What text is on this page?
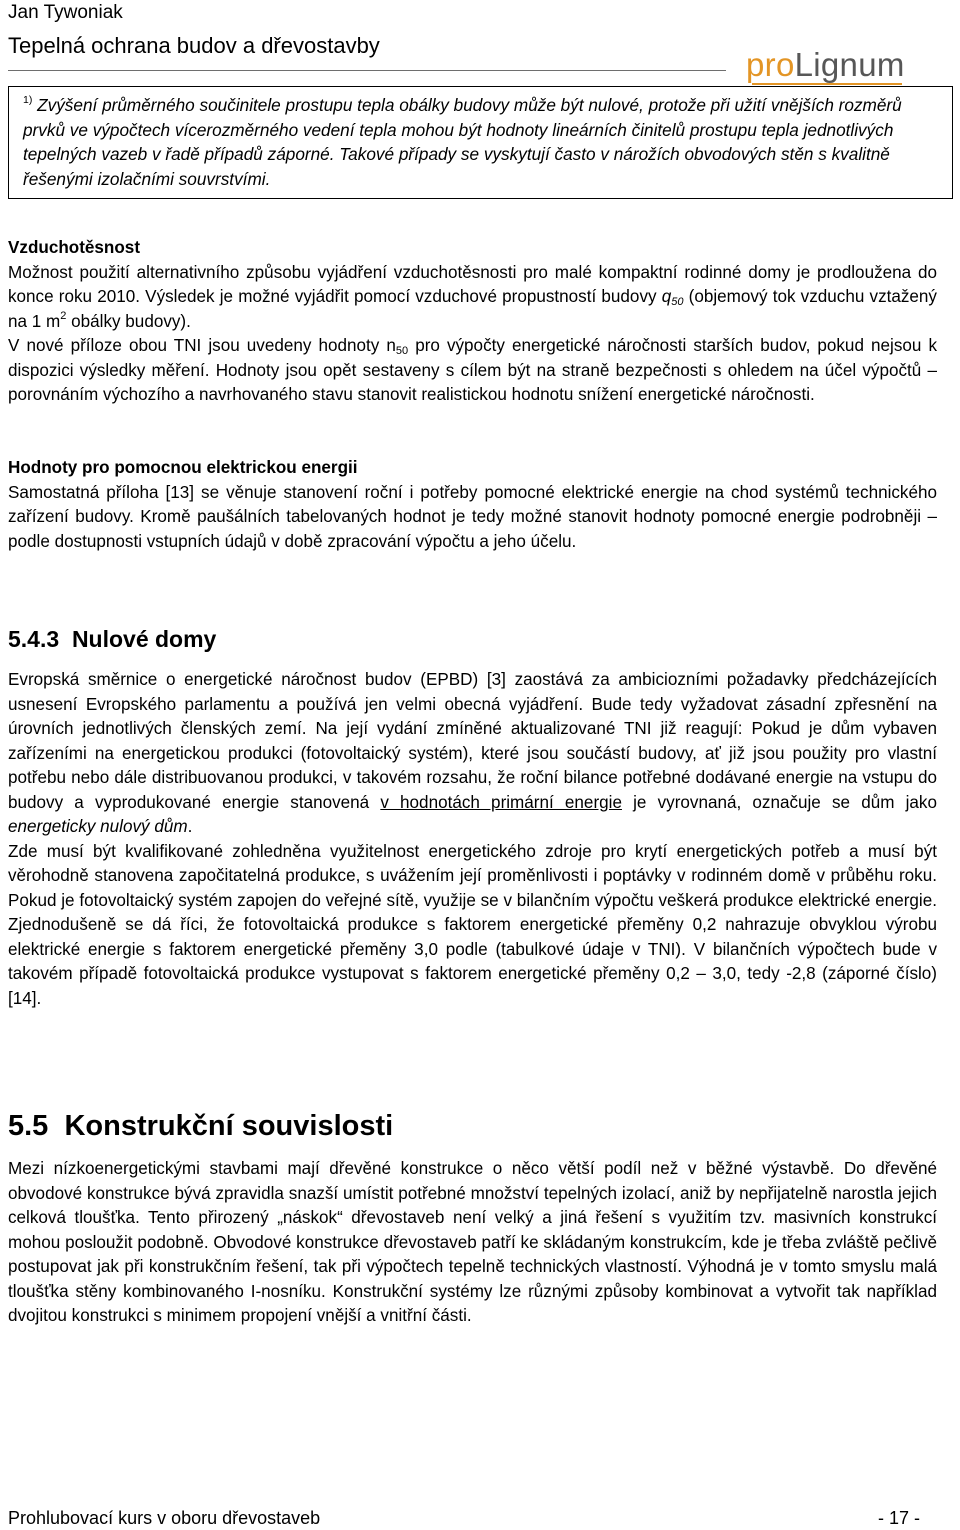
Jan Tywoniak
Tepelná ochrana budov a dřevostavby
proLignum
$^{1)}$ Zvýšení průměrného součinitele prostupu tepla obálky budovy může být nulové, protože při užití vnějších rozměrů prvků ve výpočtech vícerozměrného vedení tepla mohou být hodnoty lineárních činitelů prostupu tepla jednotlivých tepelných vazeb v řadě případů záporné. Takové případy se vyskytují často v nárožích obvodových stěn s kvalitně řešenými izolačními souvrstvími.
Vzduchotěsnost

Možnost použití alternativního způsobu vyjádření vzduchotěsnosti pro malé kompaktní rodinné domy je prodloužena do konce roku 2010. Výsledek je možné vyjádřit pomocí vzduchové propustností budovy $q_{50}$ (objemový tok vzduchu vztažený na 1 $m^2$ obálky budovy).

V nové příloze obou TNI jsou uvedeny hodnoty $n_{50}$ pro výpočty energetické náročnosti starších budov, pokud nejsou k dispozici výsledky měření. Hodnoty jsou opět sestaveny s cílem být na straně bezpečnosti s ohledem na účel výpočtů – porovnáním výchozího a navrhovaného stavu stanovit realistickou hodnotu snížení energetické náročnosti.

Hodnoty pro pomocnou elektrickou energii

Samostatná příloha [13] se věnuje stanovení roční i potřeby pomocné elektrické energie na chod systémů technického zařízení budovy. Kromě paušálních tabelovaných hodnot je tedy možné stanovit hodnoty pomocné energie podrobněji – podle dostupnosti vstupních údajů v době zpracování výpočtu a jeho účelu.

5.4.3 Nulové domy

Evropská směrnice o energetické náročnost budov (EPBD) [3] zaostává za ambiciozními požadavky předcházejících usnesení Evropského parlamentu a používá jen velmi obecná vyjádření. Bude tedy vyžadovat zásadní zpřesnění na úrovních jednotlivých členských zemí. Na její vydání zmíněné aktualizované TNI již reagují: Pokud je dům vybaven zařízeními na energetickou produkci (fotovoltaický systém), které jsou součástí budovy, ať již jsou použity pro vlastní potřebu nebo dále distribuovanou produkci, v takovém rozsahu, že roční bilance potřebné dodávané energie na vstupu do budovy a vyprodukované energie stanovená v hodnotách primární energie je vyrovnaná, označuje se dům jako energeticky nulový dům.

Zde musí být kvalifikované zohledněna využitelnost energetického zdroje pro krytí energetických potřeb a musí být věrohodně stanovena započitatelná produkce, s uvážením její proměnlivosti i poptávky v rodinném domě v průběhu roku. Pokud je fotovoltaický systém zapojen do veřejné sítě, využije se v bilančním výpočtu veškerá produkce elektrické energie. Zjednodušeně se dá říci, že fotovoltaická produkce s faktorem energetické přeměny 0,2 nahrazuje obvyklou výrobu elektrické energie s faktorem energetické přeměny 3,0 podle (tabulkové údaje v TNI). V bilančních výpočtech bude v takovém případě fotovoltaická produkce vystupovat s faktorem energetické přeměny 0,2 – 3,0, tedy -2,8 (záporné číslo) [14].

5.5 Konstrukční souvislosti

Mezi nízkoenergetickými stavbami mají dřevěné konstrukce o něco větší podíl než v běžné výstavbě. Do dřevěné obvodové konstrukce bývá zpravidla snazší umístit potřebné množství tepelných izolací, aniž by nepřijatelně narostla jejich celková tloušťka. Tento přirozený „náskok“ dřevostaveb není velký a jiná řešení s využitím tzv. masivních konstrukcí mohou posloužit podobně. Obvodové konstrukce dřevostaveb patří ke skládaným konstrukcím, kde je třeba zvláště pečlivě postupovat jak při konstrukčním řešení, tak při výpočtech tepelně technických vlastností. Výhodná je v tomto smyslu malá tloušťka stěny kombinovaného I-nosníku. Konstrukční systémy lze různými způsoby kombinovat a vytvořit tak například dvojitou konstrukci s minimem propojení vnější a vnitřní části.

Prohlubovací kurs v oboru dřevostaveb	- 17 -
